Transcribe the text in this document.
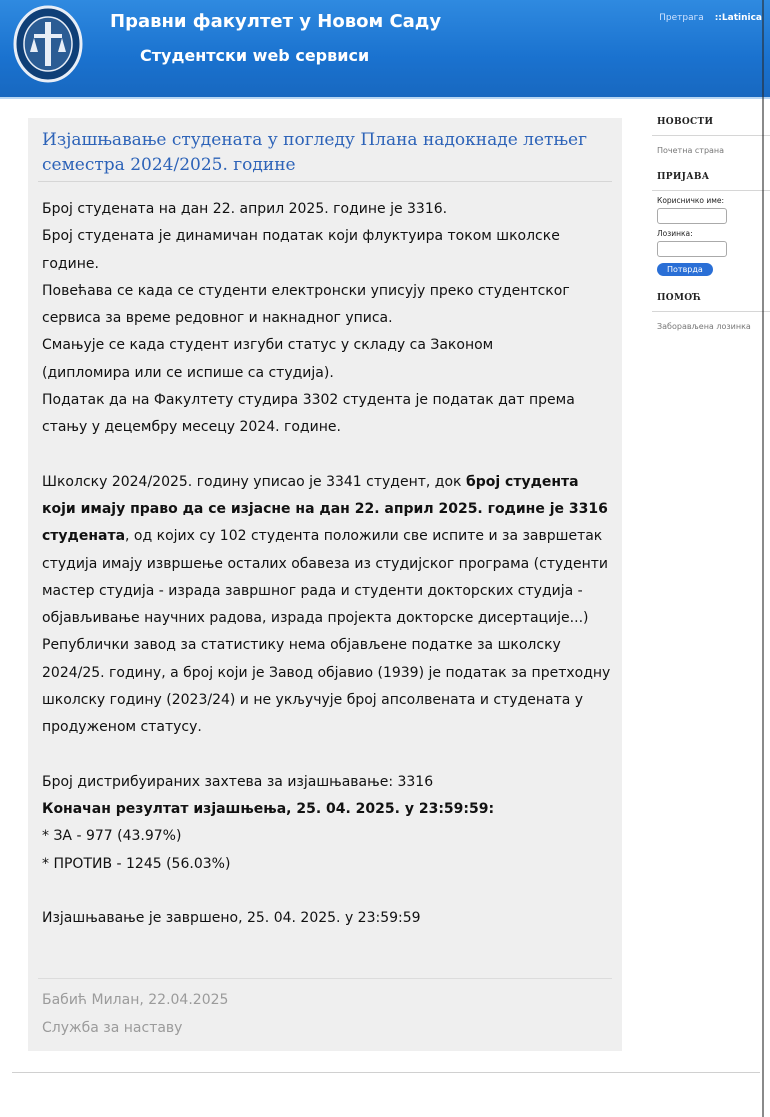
Правни факултет у Новом Саду
Студентски web сервиси
Претрага ::Latinica
Изјашњавање студената у погледу Плана надокнаде летњег семестра 2024/2025. године

Број студената на дан 22. април 2025. године је 3316.

Број студената је динамичан податак који флуктуира током школске

године.

Повећава се када се студенти електронски уписују преко студентског

сервиса за време редовног и накнадног уписа.

Смањује се када студент изгуби статус у складу са Законом

(дипломира или се испише са студија).

Податак да на Факултету студира 3302 студента је податак дат према

стању у децембру месецу 2024. године.

Школску 2024/2025. годину уписао је 3341 студент, док број студента који имају право да се изјасне на дан 22. април 2025. године је 3316 студената, од којих су 102 студента положили све испите и за завршетак студија имају извршење осталих обавеза из студијског програма (студенти мастер студија - израда завршног рада и студенти докторских студија - објављивање научних радова, израда пројекта докторске дисертације...)

Републички завод за статистику нема објављене податке за школску 2024/25. годину, а број који је Завод објавио (1939) је податак за претходну школску годину (2023/24) и не укључује број апсолвената и студената у продуженом статусу.

Број дистрибуираних захтева за изјашњавање: 3316

Коначан резултат изјашњења, 25. 04. 2025. у 23:59:59:

* ЗА - 977 (43.97%)

* ПРОТИВ - 1245 (56.03%)

Изјашњавање је завршено, 25. 04. 2025. у 23:59:59

Бабић Милан, 22.04.2025
Служба за наставу
НОВОСТИ
Почетна страна
ПРИЈАВА
Корисничко име:
Лозинка:
Потврда
ПОМОЋ
Заборављена лозинка
